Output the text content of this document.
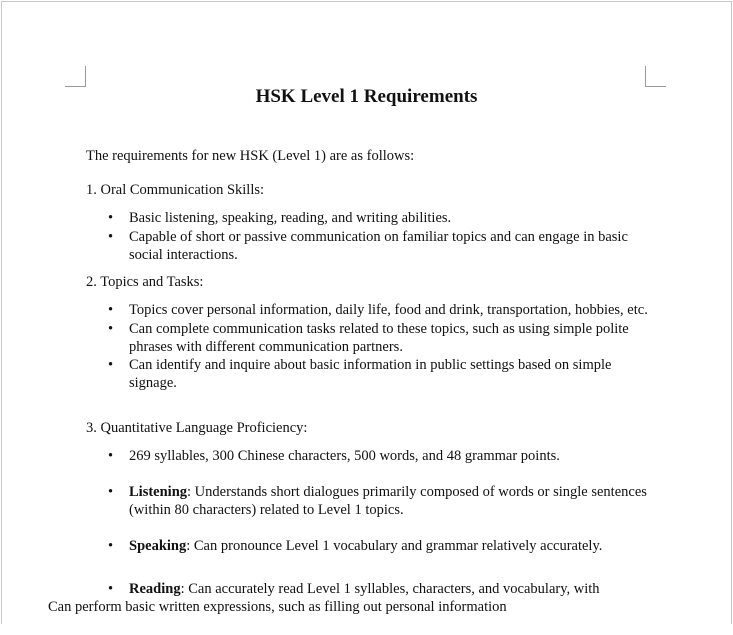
HSK Level 1 Requirements
The requirements for new HSK (Level 1) are as follows:
1. Oral Communication Skills:
• Basic listening, speaking, reading, and writing abilities.
• Capable of short or passive communication on familiar topics and can engage in basic social interactions.
2. Topics and Tasks:
• Topics cover personal information, daily life, food and drink, transportation, hobbies, etc.
• Can complete communication tasks related to these topics, such as using simple polite phrases with different communication partners.
• Can identify and inquire about basic information in public settings based on simple signage.
3. Quantitative Language Proficiency:
• 269 syllables, 300 Chinese characters, 500 words, and 48 grammar points.
• Listening: Understands short dialogues primarily composed of words or single sentences (within 80 characters) related to Level 1 topics.
• Speaking: Can pronounce Level 1 vocabulary and grammar relatively accurately.
• Reading: Can accurately read Level 1 syllables, characters, and vocabulary, with
Can perform basic written expressions, such as filling out personal information
